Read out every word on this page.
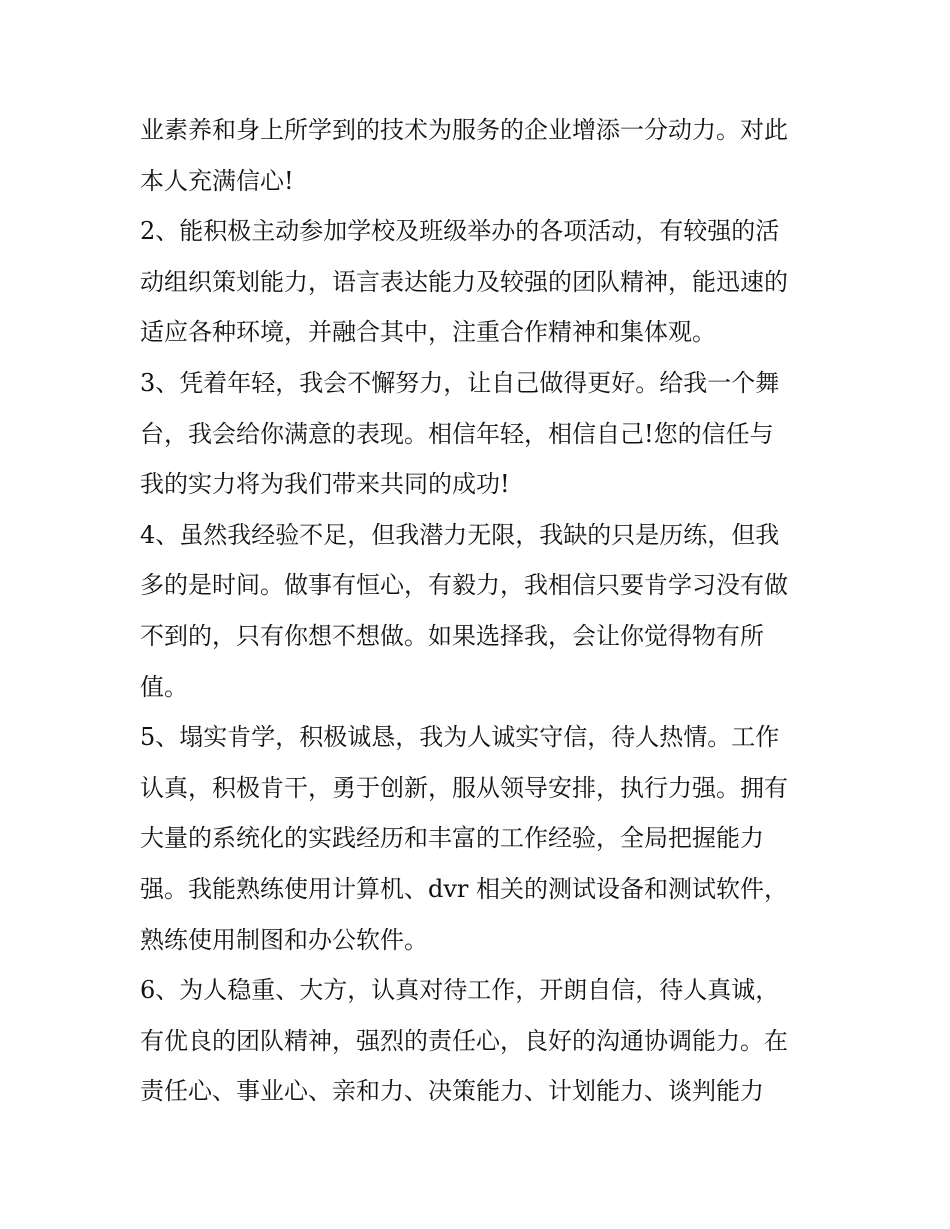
业素养和身上所学到的技术为服务的企业增添一分动力。对此
本人充满信心!
2、能积极主动参加学校及班级举办的各项活动，有较强的活
动组织策划能力，语言表达能力及较强的团队精神，能迅速的
适应各种环境，并融合其中，注重合作精神和集体观。
3、凭着年轻，我会不懈努力，让自己做得更好。给我一个舞
台，我会给你满意的表现。相信年轻，相信自己!您的信任与
我的实力将为我们带来共同的成功!
4、虽然我经验不足，但我潜力无限，我缺的只是历练，但我
多的是时间。做事有恒心，有毅力，我相信只要肯学习没有做
不到的，只有你想不想做。如果选择我，会让你觉得物有所
值。
5、塌实肯学，积极诚恳，我为人诚实守信，待人热情。工作
认真，积极肯干，勇于创新，服从领导安排，执行力强。拥有
大量的系统化的实践经历和丰富的工作经验，全局把握能力
强。我能熟练使用计算机、dvr 相关的测试设备和测试软件，
熟练使用制图和办公软件。
6、为人稳重、大方，认真对待工作，开朗自信，待人真诚，
有优良的团队精神，强烈的责任心，良好的沟通协调能力。在
责任心、事业心、亲和力、决策能力、计划能力、谈判能力
